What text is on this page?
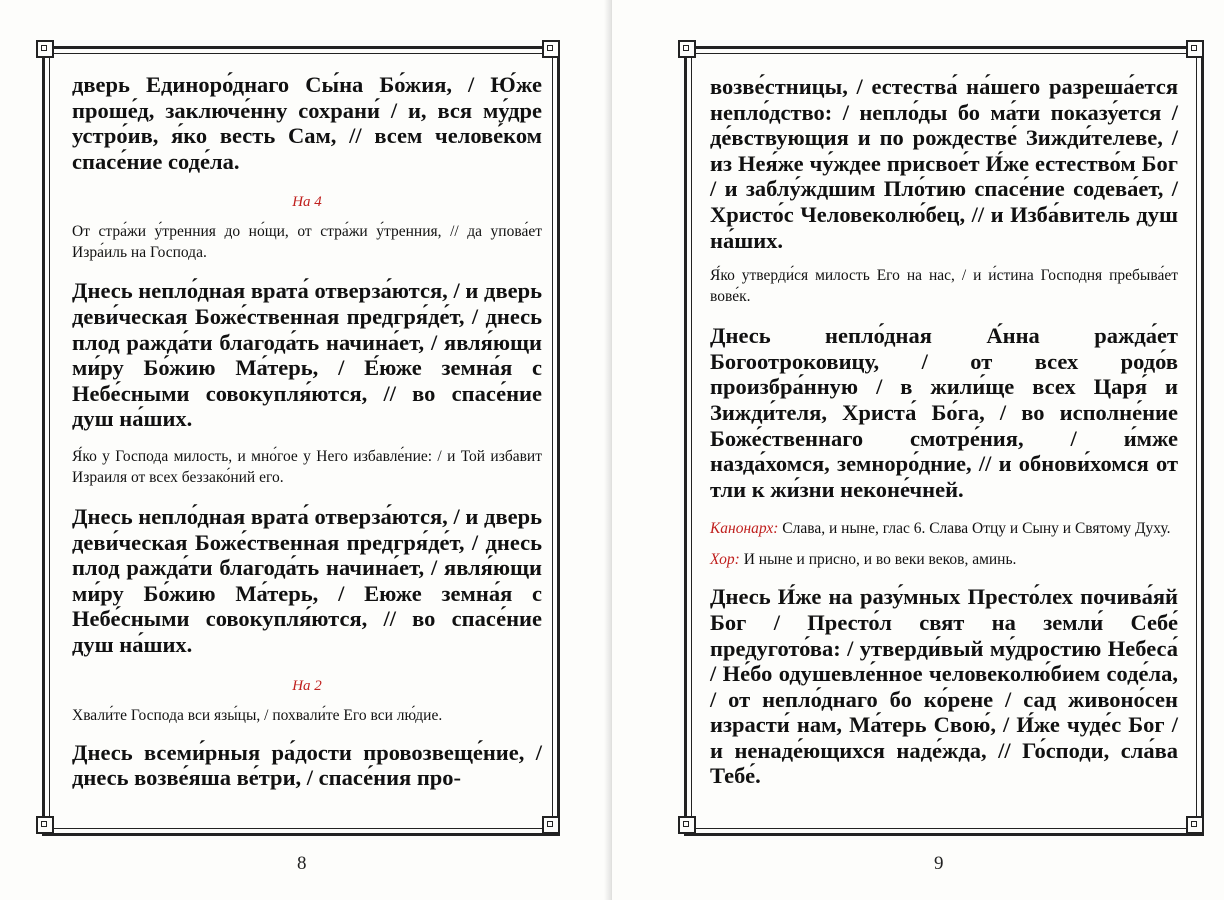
дверь Единоро́днаго Сы́на Бо́жия, / Ю́же проше́д, заключе́нну сохрани́ / и, вся му́дре устро́ив, я́ко весть Сам, // всем челове́ком спасе́ние соде́ла.

На 4

От стра́жи у́тренния до но́щи, от стра́жи у́тренния, // да упова́ет Изра́иль на Господа.

Днесь непло́дная врата́ отверза́ются, / и дверь деви́ческая Боже́ственная предгря́де́т, / днесь плод ражда́ти благода́ть начина́ет, / явля́ющи ми́ру Бо́жию Ма́терь, / Е́юже земна́я с Небе́сными совокупля́ются, // во спасе́ние душ на́ших.

Я́ко у Господа милость, и мно́гое у Него избавле́ние: / и Той избавит Израиля от всех беззако́ний его.

Днесь непло́дная врата́ отверза́ются, / и дверь деви́ческая Боже́ственная предгря́де́т, / днесь плод ражда́ти благода́ть начина́ет, / явля́ющи ми́ру Бо́жию Ма́терь, / Еюже земна́я с Небе́сными совокупля́ются, // во спасе́ние душ на́ших.

На 2

Хвали́те Господа вси язы́цы, / похвали́те Его вси лю́дие.

Днесь всеми́рныя ра́дости провозвеще́ние, / днесь возве́яша ве́три, / спасе́ния про-

8

возве́стницы, / естества́ на́шего разреша́ется непло́дство: / непло́ды бо ма́ти показу́ется / де́вствующия и по рождестве́ Зижди́телеве, / из Нея́же чу́ждее присвое́т И́же естество́м Бог / и заблу́ждшим Пло́тию спасе́ние содева́ет, / Христо́с Человеколю́бец, // и Изба́витель душ на́ших.

Я́ко утверди́ся милость Его на нас, / и и́стина Господня пребыва́ет вове́к.

Днесь непло́дная А́нна ражда́ет Богоотроковицу, / от всех родо́в произбра́нную / в жили́ще всех Царя́ и Зижди́теля, Христа́ Бо́га, / во исполне́ние Боже́ственнаго смотре́ния, / и́мже назда́хомся, земноро́дние, // и обнови́хомся от тли к жи́зни неконе́чней.

Канонарх: Слава, и ныне, глас 6. Слава Отцу и Сыну и Святому Духу.

Хор: И ныне и присно, и во веки веков, аминь.

Днесь И́же на разу́мных Престо́лех почива́яй Бог / Престо́л свят на земли́ Себе́ предугото́ва: / утверди́вый му́дростию Небеса́ / Не́бо одушевле́нное человеколю́бием соде́ла, / от непло́днаго бо ко́рене / сад живоно́сен израсти́ нам, Ма́терь Свою́, / И́же чуде́с Бог / и ненаде́ющихся наде́жда, // Го́споди, сла́ва Тебе́.

9
